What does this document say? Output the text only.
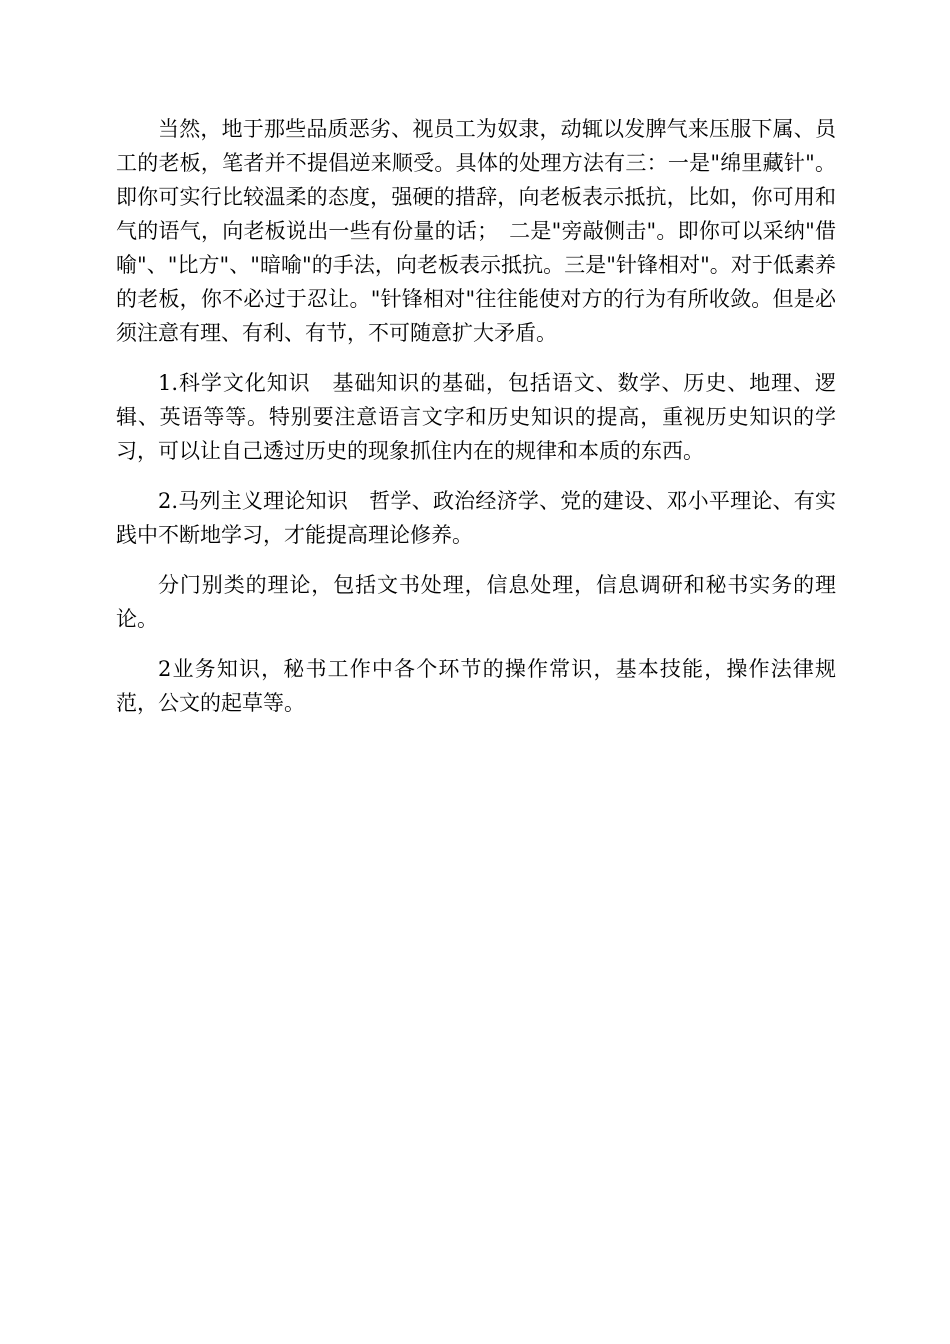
当然，地于那些品质恶劣、视员工为奴隶，动辄以发脾气来压服下属、员工的老板，笔者并不提倡逆来顺受。具体的处理方法有三：一是"绵里藏针"。即你可实行比较温柔的态度，强硬的措辞，向老板表示抵抗，比如，你可用和气的语气，向老板说出一些有份量的话；　二是"旁敲侧击"。即你可以采纳"借喻"、"比方"、"暗喻"的手法，向老板表示抵抗。三是"针锋相对"。对于低素养的老板，你不必过于忍让。"针锋相对"往往能使对方的行为有所收敛。但是必须注意有理、有利、有节，不可随意扩大矛盾。

1.科学文化知识　基础知识的基础，包括语文、数学、历史、地理、逻辑、英语等等。特别要注意语言文字和历史知识的提高，重视历史知识的学习，可以让自己透过历史的现象抓住内在的规律和本质的东西。

2.马列主义理论知识　哲学、政治经济学、党的建设、邓小平理论、有实践中不断地学习，才能提高理论修养。

分门别类的理论，包括文书处理，信息处理，信息调研和秘书实务的理论。

2业务知识，秘书工作中各个环节的操作常识，基本技能，操作法律规范，公文的起草等。
